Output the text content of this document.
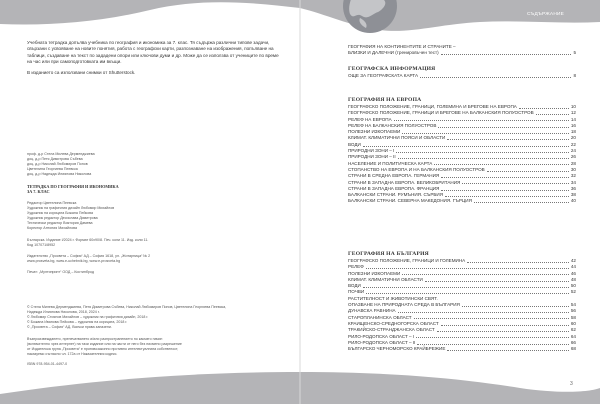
СЪДЪРЖАНИЕ

Учебната тетрадка допълва учебника по география и икономика за 7. клас. Тя съдържа различни типове задачи, свързани с усвояване на новите понятия, работа с географски карти, разпознаване на изображения, попълване на таблици, създаване на текст по зададени опори или ключови думи и др. Може да се използва от учениците по време на час или при самоподготовката им вкъщи.

В изданието са използвани снимки от Shutterstock.

проф. д-р Стела Милева Дерменджиева
доц. д-р Петя Димитрова Събева
доц. д-р Николай Любомиров Попов
Цветелина Георгиева Пеевска
доц. д-р Надежда Илиянова Николова
ТЕТРАДКА ПО ГЕОГРАФИЯ И ИКОНОМИКА
ЗА 7. КЛАС
Редактор Цветелина Пеевска
Художник на графичния дизайн Любомир Михайлов
Художник на корицата Божана Пейкова
Художник редактор Десислава Димитрова
Технически редактор Виктория Дамева
Коректор Антония Михайлова
Българска. Издание I/2024 г. Формат 60х90/8. Печ. коли 11. Изд. коли 11.
Код 107071/8952
Издателство „Просвета – София“ АД – София 1618, ул. „Житарница“ № 2
www.prosveta.bg, www.e-uchebnik.bg, www.e-prosveta.bg
Печат: „Мултипринт“ ООД – Костинброд
© Стела Милева Дерменджиева, Петя Димитрова Събева, Николай Любомиров Попов, Цветелина Георгиева Пеевска,
Надежда Илиянова Николова, 2018, 2024 г.
© Любомир Стоянов Михайлов – художник на графичния дизайн, 2018 г.
© Божана Иванова Пейкова – художник на корицата, 2018 г.
© „Просвета – София“ АД. Всички права запазени.
Възпроизвеждането, препечатването и/или разпространението по какъвто начин
(включително чрез интернет) на тази издание или на части от него без писмено разрешение
от Издателска група „Просвета“ е противозаконно противно интелектуалната собственост,
наказуемо съгласно чл. 172а от Наказателния кодекс.
ISBN 978-954-01-4497-0
ГЕОГРАФИЯ НА КОНТИНЕНТИТЕ И СТРАНИТЕ –
БЛИЗКИ И ДАЛЕЧНИ (тренировъчен тест)	5
ГЕОГРАФСКА ИНФОРМАЦИЯ
ОЩЕ ЗА ГЕОГРАФСКАТА КАРТА	8
ГЕОГРАФИЯ НА ЕВРОПА
ГЕОГРАФСКО ПОЛОЖЕНИЕ, ГРАНИЦИ, ГОЛЕМИНА И БРЕГОВЕ НА ЕВРОПА	10
ГЕОГРАФСКО ПОЛОЖЕНИЕ, ГРАНИЦИ И БРЕГОВЕ НА БАЛКАНСКИЯ ПОЛУОСТРОВ	12
РЕЛЕФ НА ЕВРОПА	14
РЕЛЕФ НА БАЛКАНСКИЯ ПОЛУОСТРОВ	16
ПОЛЕЗНИ ИЗКОПАЕМИ	18
КЛИМАТ. КЛИМАТИЧНИ ПОЯСИ И ОБЛАСТИ	20
ВОДИ	22
ПРИРОДНИ ЗОНИ – I	24
ПРИРОДНИ ЗОНИ – II	26
НАСЕЛЕНИЕ И ПОЛИТИЧЕСКА КАРТА	28
СТОПАНСТВО НА ЕВРОПА И НА БАЛКАНСКИЯ ПОЛУОСТРОВ	30
СТРАНИ В СРЕДНА ЕВРОПА. ГЕРМАНИЯ	32
СТРАНИ В ЗАПАДНА ЕВРОПА. ВЕЛИКОБРИТАНИЯ	34
СТРАНИ В ЗАПАДНА ЕВРОПА. ФРАНЦИЯ	36
БАЛКАНСКИ СТРАНИ. РУМЪНИЯ. СЪРБИЯ	38
БАЛКАНСКИ СТРАНИ. СЕВЕРНА МАКЕДОНИЯ. ГЪРЦИЯ	40
ГЕОГРАФИЯ НА БЪЛГАРИЯ
ГЕОГРАФСКО ПОЛОЖЕНИЕ, ГРАНИЦИ И ГОЛЕМИНА	42
РЕЛЕФ	44
ПОЛЕЗНИ ИЗКОПАЕМИ	46
КЛИМАТ. КЛИМАТИЧНИ ОБЛАСТИ	48
ВОДИ	50
ПОЧВИ	52
РАСТИТЕЛНОСТ И ЖИВОТИНСКИ СВЯТ.
ОПАЗВАНЕ НА ПРИРОДНАТА СРЕДА В БЪЛГАРИЯ	54
ДУНАВСКА РАВНИНА	56
СТАРОПЛАНИНСКА ОБЛАСТ	58
КРАИЩЕНСКО-СРЕДНОГОРСКА ОБЛАСТ	60
ТРАКИЙСКО-СТРАНДЖАНСКА ОБЛАСТ	62
РИЛО-РОДОПСКА ОБЛАСТ – I	64
РИЛО-РОДОПСКА ОБЛАСТ – II	66
БЪЛГАРСКО ЧЕРНОМОРСКО КРАЙБРЕЖИЕ	68
3
